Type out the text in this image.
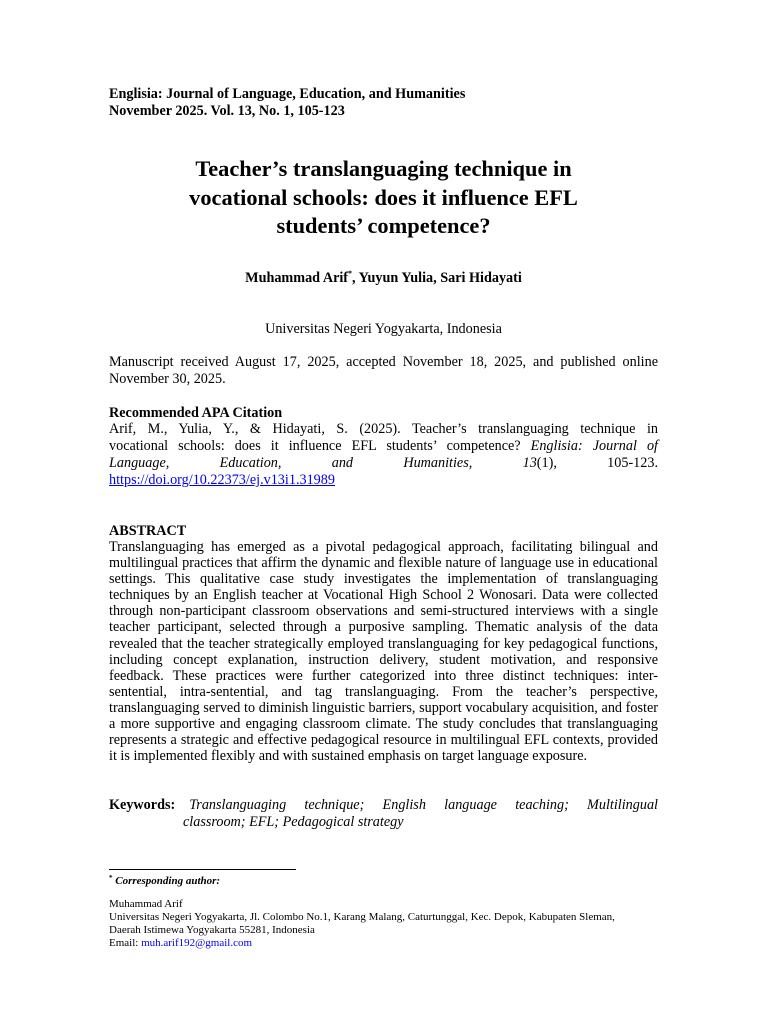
Englisia: Journal of Language, Education, and Humanities
November 2025. Vol. 13, No. 1, 105-123
Teacher’s translanguaging technique in
vocational schools: does it influence EFL
students’ competence?
Muhammad Arif*, Yuyun Yulia, Sari Hidayati
Universitas Negeri Yogyakarta, Indonesia
Manuscript received August 17, 2025, accepted November 18, 2025, and published online November 30, 2025.
Recommended APA Citation
Arif, M., Yulia, Y., & Hidayati, S. (2025). Teacher’s translanguaging technique in
vocational schools: does it influence EFL students’ competence? Englisia: Journal of
Language, Education, and Humanities, 13(1), 105-123.
https://doi.org/10.22373/ej.v13i1.31989
ABSTRACT
Translanguaging has emerged as a pivotal pedagogical approach, facilitating bilingual and multilingual practices that affirm the dynamic and flexible nature of language use in educational settings. This qualitative case study investigates the implementation of translanguaging techniques by an English teacher at Vocational High School 2 Wonosari. Data were collected through non-participant classroom observations and semi-structured interviews with a single teacher participant, selected through a purposive sampling. Thematic analysis of the data revealed that the teacher strategically employed translanguaging for key pedagogical functions, including concept explanation, instruction delivery, student motivation, and responsive feedback. These practices were further categorized into three distinct techniques: inter-sentential, intra-sentential, and tag translanguaging. From the teacher’s perspective, translanguaging served to diminish linguistic barriers, support vocabulary acquisition, and foster a more supportive and engaging classroom climate. The study concludes that translanguaging represents a strategic and effective pedagogical resource in multilingual EFL contexts, provided it is implemented flexibly and with sustained emphasis on target language exposure.
Keywords: Translanguaging technique; English language teaching; Multilingual
classroom; EFL; Pedagogical strategy
* Corresponding author:
Muhammad Arif
Universitas Negeri Yogyakarta, Jl. Colombo No.1, Karang Malang, Caturtunggal, Kec. Depok, Kabupaten Sleman,
Daerah Istimewa Yogyakarta 55281, Indonesia
Email: muh.arif192@gmail.com
